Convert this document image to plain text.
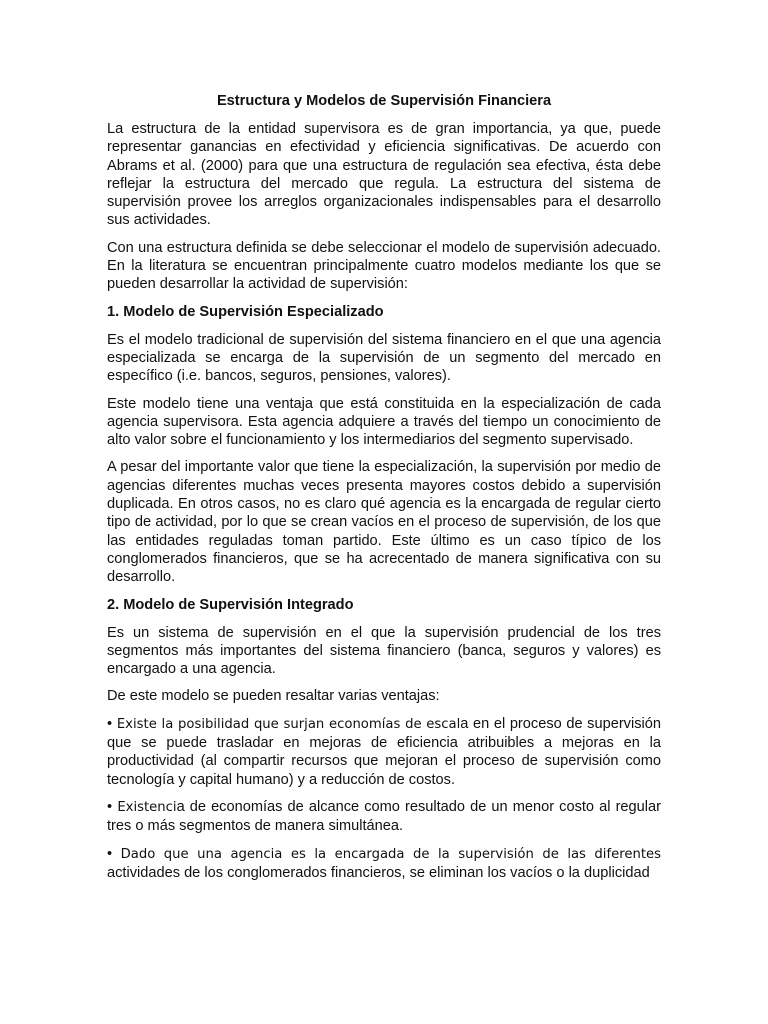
Estructura y Modelos de Supervisión Financiera

La estructura de la entidad supervisora es de gran importancia, ya que, puede representar ganancias en efectividad y eficiencia significativas. De acuerdo con Abrams et al. (2000) para que una estructura de regulación sea efectiva, ésta debe reflejar la estructura del mercado que regula. La estructura del sistema de supervisión provee los arreglos organizacionales indispensables para el desarrollo sus actividades.

Con una estructura definida se debe seleccionar el modelo de supervisión adecuado. En la literatura se encuentran principalmente cuatro modelos mediante los que se pueden desarrollar la actividad de supervisión:

1. Modelo de Supervisión Especializado

Es el modelo tradicional de supervisión del sistema financiero en el que una agencia especializada se encarga de la supervisión de un segmento del mercado en específico (i.e. bancos, seguros, pensiones, valores).

Este modelo tiene una ventaja que está constituida en la especialización de cada agencia supervisora. Esta agencia adquiere a través del tiempo un conocimiento de alto valor sobre el funcionamiento y los intermediarios del segmento supervisado.

A pesar del importante valor que tiene la especialización, la supervisión por medio de agencias diferentes muchas veces presenta mayores costos debido a supervisión duplicada. En otros casos, no es claro qué agencia es la encargada de regular cierto tipo de actividad, por lo que se crean vacíos en el proceso de supervisión, de los que las entidades reguladas toman partido. Este último es un caso típico de los conglomerados financieros, que se ha acrecentado de manera significativa con su desarrollo.

2. Modelo de Supervisión Integrado

Es un sistema de supervisión en el que la supervisión prudencial de los tres segmentos más importantes del sistema financiero (banca, seguros y valores) es encargado a una agencia.

De este modelo se pueden resaltar varias ventajas:

• Existe la posibilidad que surjan economías de escala en el proceso de supervisión que se puede trasladar en mejoras de eficiencia atribuibles a mejoras en la productividad (al compartir recursos que mejoran el proceso de supervisión como tecnología y capital humano) y a reducción de costos.

• Existencia de economías de alcance como resultado de un menor costo al regular tres o más segmentos de manera simultánea.

• Dado que una agencia es la encargada de la supervisión de las diferentes actividades de los conglomerados financieros, se eliminan los vacíos o la duplicidad
